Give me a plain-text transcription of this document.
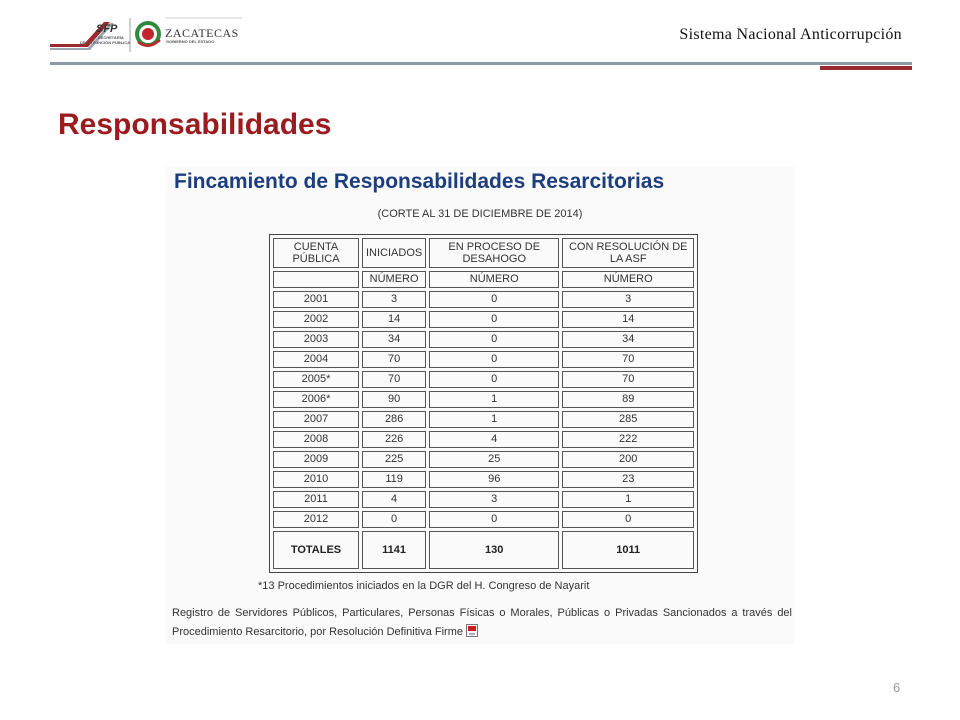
SFP
SECRETARÍA
DE LA FUNCIÓN PÚBLICA
ZACATECAS
GOBIERNO DEL ESTADO	Sistema Nacional Anticorrupción
Responsabilidades
Fincamiento de Responsabilidades Resarcitorias
(CORTE AL 31 DE DICIEMBRE DE 2014)
CUENTA PÚBLICA	INICIADOS	EN PROCESO DE DESAHOGO	CON RESOLUCIÓN DE LA ASF
	NÚMERO	NÚMERO	NÚMERO
2001	3	0	3
2002	14	0	14
2003	34	0	34
2004	70	0	70
2005*	70	0	70
2006*	90	1	89
2007	286	1	285
2008	226	4	222
2009	225	25	200
2010	119	96	23
2011	4	3	1
2012	0	0	0
TOTALES	1141	130	1011
*13 Procedimientos iniciados en la DGR del H. Congreso de Nayarit
Registro de Servidores Públicos, Particulares, Personas Físicas o Morales, Públicas o Privadas Sancionados a través del Procedimiento Resarcitorio, por Resolución Definitiva Firme
6
